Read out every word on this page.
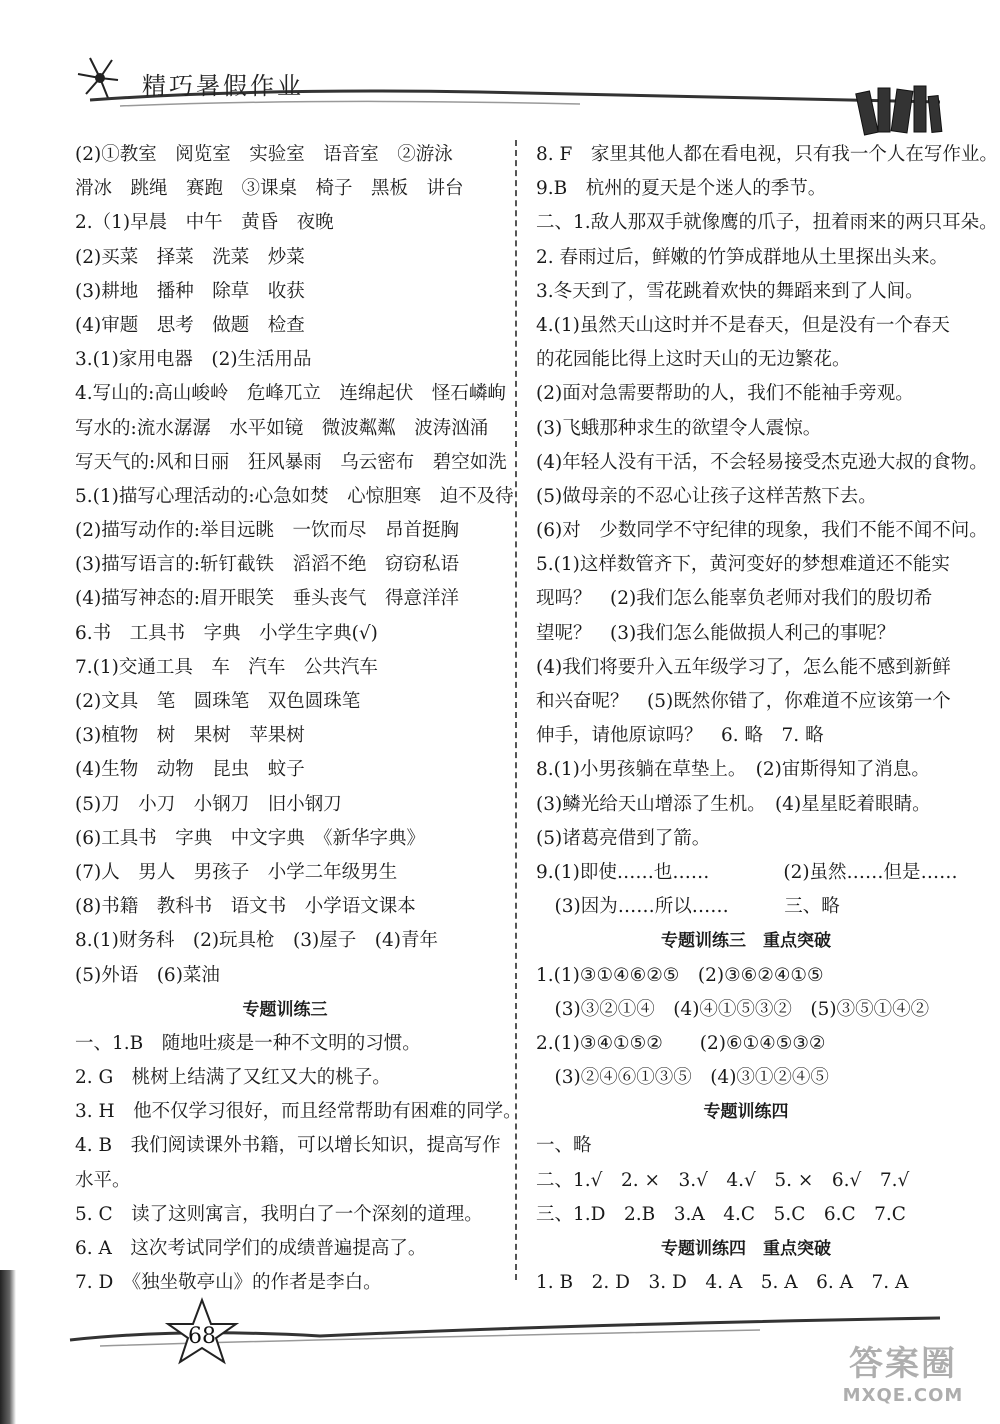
精巧暑假作业
(2)①教室　阅览室　实验室　语音室　②游泳
滑冰　跳绳　赛跑　③课桌　椅子　黑板　讲台
2.（1)早晨　中午　黄昏　夜晚
(2)买菜　择菜　洗菜　炒菜
(3)耕地　播种　除草　收获
(4)审题　思考　做题　检查
3.(1)家用电器　(2)生活用品
4.写山的:高山峻岭　危峰兀立　连绵起伏　怪石嶙峋
写水的:流水潺潺　水平如镜　微波粼粼　波涛汹涌
写天气的:风和日丽　狂风暴雨　乌云密布　碧空如洗
5.(1)描写心理活动的:心急如焚　心惊胆寒　迫不及待
(2)描写动作的:举目远眺　一饮而尽　昂首挺胸
(3)描写语言的:斩钉截铁　滔滔不绝　窃窃私语
(4)描写神态的:眉开眼笑　垂头丧气　得意洋洋
6.书　工具书　字典　小学生字典(√)
7.(1)交通工具　车　汽车　公共汽车
(2)文具　笔　圆珠笔　双色圆珠笔
(3)植物　树　果树　苹果树
(4)生物　动物　昆虫　蚊子
(5)刀　小刀　小钢刀　旧小钢刀
(6)工具书　字典　中文字典　《新华字典》
(7)人　男人　男孩子　小学二年级男生
(8)书籍　教科书　语文书　小学语文课本
8.(1)财务科　(2)玩具枪　(3)屋子　(4)青年
(5)外语　(6)菜油
专题训练三
一、1.B　随地吐痰是一种不文明的习惯。
2. G　桃树上结满了又红又大的桃子。
3. H　他不仅学习很好，而且经常帮助有困难的同学。
4. B　我们阅读课外书籍，可以增长知识，提高写作
水平。
5. C　读了这则寓言，我明白了一个深刻的道理。
6. A　这次考试同学们的成绩普遍提高了。
7. D　《独坐敬亭山》的作者是李白。
8. F　家里其他人都在看电视，只有我一个人在写作业。
9.B　杭州的夏天是个迷人的季节。
二、1.敌人那双手就像鹰的爪子，扭着雨来的两只耳朵。
2. 春雨过后，鲜嫩的竹笋成群地从土里探出头来。
3.冬天到了，雪花跳着欢快的舞蹈来到了人间。
4.(1)虽然天山这时并不是春天，但是没有一个春天
的花园能比得上这时天山的无边繁花。
(2)面对急需要帮助的人，我们不能袖手旁观。
(3)飞蛾那种求生的欲望令人震惊。
(4)年轻人没有干活，不会轻易接受杰克逊大叔的食物。
(5)做母亲的不忍心让孩子这样苦熬下去。
(6)对　少数同学不守纪律的现象，我们不能不闻不问。
5.(1)这样数管齐下，黄河变好的梦想难道还不能实
现吗？　(2)我们怎么能辜负老师对我们的殷切希
望呢？　(3)我们怎么能做损人利己的事呢？
(4)我们将要升入五年级学习了，怎么能不感到新鲜
和兴奋呢？　(5)既然你错了，你难道不应该第一个
伸手，请他原谅吗？　6. 略　7. 略
8.(1)小男孩躺在草垫上。　(2)宙斯得知了消息。
(3)鳞光给天山增添了生机。　(4)星星眨着眼睛。
(5)诸葛亮借到了箭。
9.(1)即使……也……　　　　(2)虽然……但是……
　(3)因为……所以……　　　三、略
专题训练三　重点突破
1.(1)③①④⑥②⑤　(2)③⑥②④①⑤
　(3)③②①④　(4)④①⑤③②　(5)③⑤①④②
2.(1)③④①⑤②　　(2)⑥①④⑤③②
　(3)②④⑥①③⑤　(4)③①②④⑤
专题训练四
一、略
二、1.√　2. ×　3.√　4.√　5. ×　6.√　7.√
三、1.D　2.B　3.A　4.C　5.C　6.C　7.C
专题训练四　重点突破
1. B　2. D　3. D　4. A　5. A　6. A　7. A
68
答案圈
MXQE.COM
